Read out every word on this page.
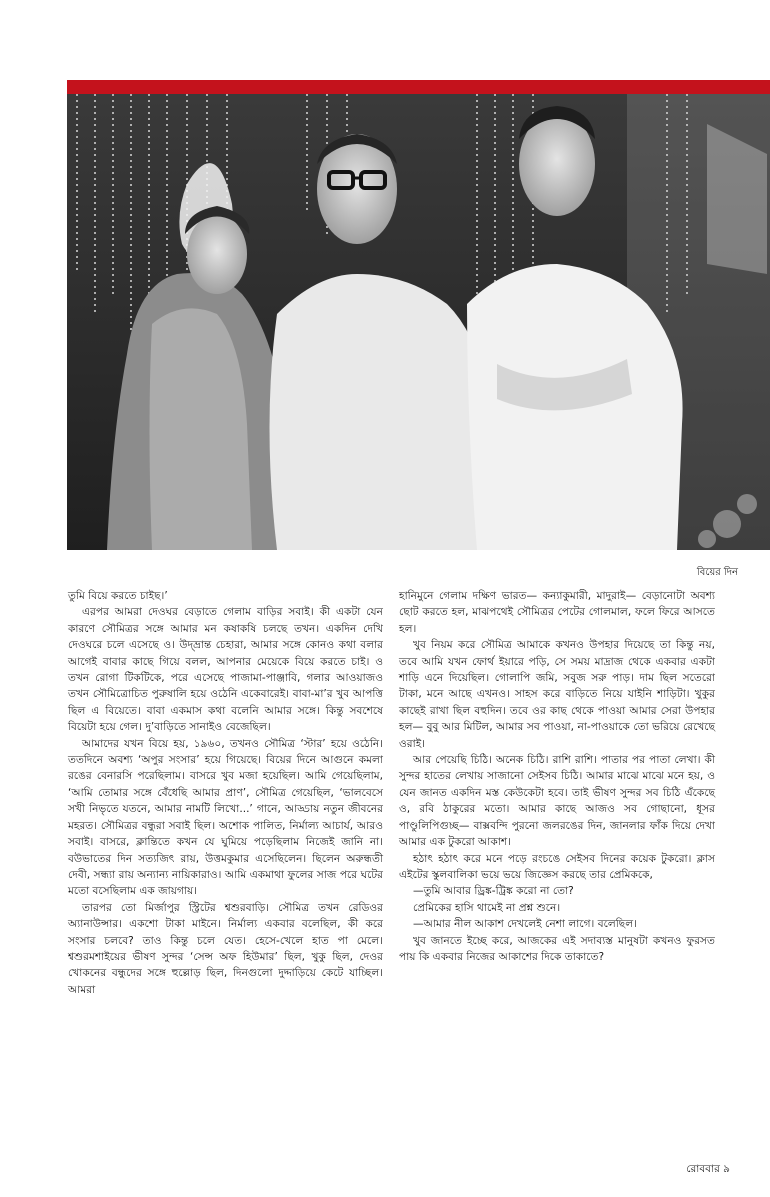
বিয়ের দিন

তুমি বিয়ে করতে চাইছ।’

এরপর আমরা দেওঘর বেড়াতে গেলাম বাড়ির সবাই। কী একটা যেন কারণে সৌমিত্রর সঙ্গে আমার মন কষাকষি চলছে তখন। একদিন দেখি দেওঘরে চলে এসেছে ও। উদ্‌ভ্রান্ত চেহারা, আমার সঙ্গে কোনও কথা বলার আগেই বাবার কাছে গিয়ে বলল, আপনার মেয়েকে বিয়ে করতে চাই। ও তখন রোগা টিকটিকে, পরে এসেছে পাজামা-পাঞ্জাবি, গলার আওয়াজও তখন সৌমিত্রোচিত পুরুষালি হয়ে ওঠেনি একেবারেই। বাবা-মা’র খুব আপত্তি ছিল এ বিয়েতে। বাবা একমাস কথা বলেনি আমার সঙ্গে। কিন্তু সবশেষে বিয়েটা হয়ে গেল। দু’বাড়িতে সানাইও বেজেছিল।

আমাদের যখন বিয়ে হয়, ১৯৬০, তখনও সৌমিত্র ‘স্টার’ হয়ে ওঠেনি। ততদিনে অবশ্য ‘অপুর সংসার’ হয়ে গিয়েছে। বিয়ের দিনে আগুনে কমলা রঙের বেনারসি পরেছিলাম। বাসরে খুব মজা হয়েছিল। আমি গেয়েছিলাম, ‘আমি তোমার সঙ্গে বেঁধেছি আমার প্রাণ’, সৌমিত্র গেয়েছিল, ‘ভালবেসে সখী নিভৃতে যতনে, আমার নামটি লিখো...’ গানে, আড্ডায় নতুন জীবনের মহরত। সৌমিত্রর বন্ধুরা সবাই ছিল। অশোক পালিত, নির্মাল্য আচার্য, আরও সবাই। বাসরে, ক্লান্তিতে কখন যে ঘুমিয়ে পড়েছিলাম নিজেই জানি না। বউভাতের দিন সত্যজিৎ রায়, উত্তমকুমার এসেছিলেন। ছিলেন অরুন্ধতী দেবী, সন্ধ্যা রায় অন্যান্য নায়িকারাও। আমি একমাথা ফুলের সাজ পরে ঘটের মতো বসেছিলাম এক জায়গায়।

তারপর তো মির্জাপুর স্ট্রিটের শ্বশুরবাড়ি। সৌমিত্র তখন রেডিওর অ্যানাউন্সার। একশো টাকা মাইনে। নির্মাল্য একবার বলেছিল, কী করে সংসার চলবে? তাও কিন্তু চলে যেত। হেসে-খেলে হাত পা মেলে। শ্বশুরমশাইয়ের ভীষণ সুন্দর ‘সেন্স অফ হিউমার’ ছিল, খুকু ছিল, দেওর খোকনের বন্ধুদের সঙ্গে হুল্লোড় ছিল, দিনগুলো দুদ্দাড়িয়ে কেটে যাচ্ছিল। আমরা

হানিমুনে গেলাম দক্ষিণ ভারত— কন্যাকুমারী, মাদুরাই— বেড়ানোটা অবশ্য ছোট করতে হল, মাঝপথেই সৌমিত্রর পেটের গোলমাল, ফলে ফিরে আসতে হল।

খুব নিয়ম করে সৌমিত্র আমাকে কখনও উপহার দিয়েছে তা কিন্তু নয়, তবে আমি যখন ফোর্থ ইয়ারে পড়ি, সে সময় মাদ্রাজ থেকে একবার একটা শাড়ি এনে দিয়েছিল। গোলাপি জমি, সবুজ সরু পাড়। দাম ছিল সতেরো টাকা, মনে আছে এখনও। সাহস করে বাড়িতে নিয়ে যাইনি শাড়িটা। খুকুর কাছেই রাখা ছিল বহুদিন। তবে ওর কাছ থেকে পাওয়া আমার সেরা উপহার হল— বুবু আর মিটিল, আমার সব পাওয়া, না-পাওয়াকে তো ভরিয়ে রেখেছে ওরাই।

আর পেয়েছি চিঠি। অনেক চিঠি। রাশি রাশি। পাতার পর পাতা লেখা। কী সুন্দর হাতের লেখায় সাজানো সেইসব চিঠি। আমার মাঝে মাঝে মনে হয়, ও যেন জানত একদিন মস্ত কেউকেটা হবে। তাই ভীষণ সুন্দর সব চিঠি এঁকেছে ও, রবি ঠাকুরের মতো। আমার কাছে আজও সব গোছানো, ধূসর পাণ্ডুলিপিগুচ্ছ— বাক্সবন্দি পুরনো জলরঙের দিন, জানলার ফাঁক দিয়ে দেখা আমার এক টুকরো আকাশ।

হঠাৎ হঠাৎ করে মনে পড়ে রংচঙে সেইসব দিনের কয়েক টুকরো। ক্লাস এইটের স্কুলবালিকা ভয়ে ভয়ে জিজ্ঞেস করছে তার প্রেমিককে,

—তুমি আবার ড্রিঙ্ক-ট্রিঙ্ক করো না তো?

প্রেমিকের হাসি থামেই না প্রশ্ন শুনে।

—আমার নীল আকাশ দেখলেই নেশা লাগে। বলেছিল।

খুব জানতে ইচ্ছে করে, আজকের এই সদাব্যস্ত মানুষটা কখনও ফুরসত পায় কি একবার নিজের আকাশের দিকে তাকাতে?

রোববার ৯
